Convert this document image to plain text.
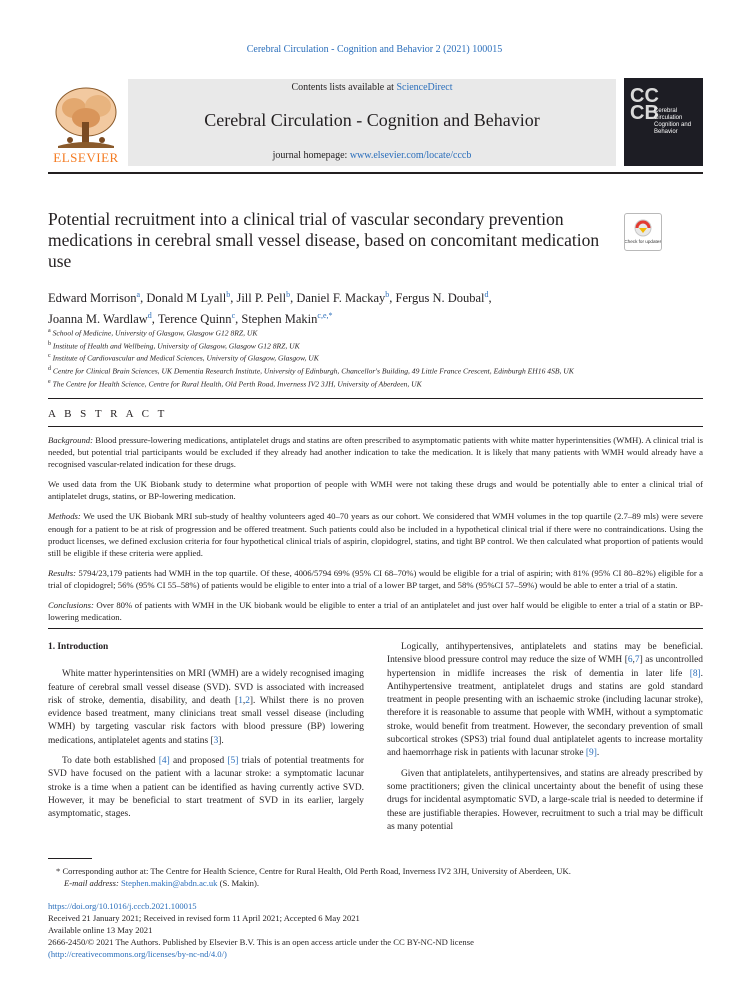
Cerebral Circulation - Cognition and Behavior 2 (2021) 100015
Contents lists available at ScienceDirect
Cerebral Circulation - Cognition and Behavior
journal homepage: www.elsevier.com/locate/cccb
ELSEVIER
CC
CB
Cerebral Circulation Cognition and Behavior
Potential recruitment into a clinical trial of vascular secondary prevention medications in cerebral small vessel disease, based on concomitant medication use
Check for updates
Edward Morrison$^a$, Donald M Lyall$^b$, Jill P. Pell$^b$, Daniel F. Mackay$^b$, Fergus N. Doubal$^d$,
Joanna M. Wardlaw$^d$, Terence Quinn$^c$, Stephen Makin$^{c,e,*}$
$^a$ School of Medicine, University of Glasgow, Glasgow G12 8RZ, UK
$^b$ Institute of Health and Wellbeing, University of Glasgow, Glasgow G12 8RZ, UK
$^c$ Institute of Cardiovascular and Medical Sciences, University of Glasgow, Glasgow, UK
$^d$ Centre for Clinical Brain Sciences, UK Dementia Research Institute, University of Edinburgh, Chancellor's Building, 49 Little France Crescent, Edinburgh EH16 4SB, UK
$^e$ The Centre for Health Science, Centre for Rural Health, Old Perth Road, Inverness IV2 3JH, University of Aberdeen, UK
A B S T R A C T

Background: Blood pressure-lowering medications, antiplatelet drugs and statins are often prescribed to asymptomatic patients with white matter hyperintensities (WMH). A clinical trial is needed, but potential trial participants would be excluded if they already had another indication to take the medication. It is likely that many patients with WMH would already have a recognised vascular-related indication for these drugs.

We used data from the UK Biobank study to determine what proportion of people with WMH were not taking these drugs and would be potentially able to enter a clinical trial of antiplatelet drugs, statins, or BP-lowering medication.

Methods: We used the UK Biobank MRI sub-study of healthy volunteers aged 40–70 years as our cohort. We considered that WMH volumes in the top quartile (2.7–89 mls) were severe enough for a patient to be at risk of progression and be offered treatment. Such patients could also be included in a hypothetical clinical trial if there were no contraindications. Using the product licenses, we defined exclusion criteria for four hypothetical clinical trials of aspirin, clopidogrel, statins, and tight BP control. We then calculated what proportion of patients would still be eligible if these criteria were applied.

Results: 5794/23,179 patients had WMH in the top quartile. Of these, 4006/5794 69% (95% CI 68–70%) would be eligible for a trial of aspirin; with 81% (95% CI 80–82%) eligible for a trial of clopidogrel; 56% (95% CI 55–58%) of patients would be eligible to enter into a trial of a lower BP target, and 58% (95%CI 57–59%) would be able to enter a trial of a statin.

Conclusions: Over 80% of patients with WMH in the UK biobank would be eligible to enter a trial of an antiplatelet and just over half would be eligible to enter a trial of a statin or BP-lowering medication.

1. Introduction

White matter hyperintensities on MRI (WMH) are a widely recognised imaging feature of cerebral small vessel disease (SVD). SVD is associated with increased risk of stroke, dementia, disability, and death [1,2]. Whilst there is no proven evidence based treatment, many clinicians treat small vessel disease (including WMH) by targeting vascular risk factors with blood pressure (BP) lowering medications, antiplatelet agents and statins [3].

To date both established [4] and proposed [5] trials of potential treatments for SVD have focused on the patient with a lacunar stroke: a symptomatic lacunar stroke is a time when a patient can be identified as having currently active SVD. However, it may be beneficial to start treatment of SVD in its earlier, largely asymptomatic, stages.

Logically, antihypertensives, antiplatelets and statins may be beneficial. Intensive blood pressure control may reduce the size of WMH [6,7] as uncontrolled hypertension in midlife increases the risk of dementia in later life [8]. Antihypertensive treatment, antiplatelet drugs and statins are gold standard treatment in people presenting with an ischaemic stroke (including lacunar stroke), therefore it is reasonable to assume that people with WMH, without a symptomatic stroke, would benefit from treatment. However, the secondary prevention of small subcortical strokes (SPS3) trial found dual antiplatelet agents to increase mortality and haemorrhage risk in patients with lacunar stroke [9].

Given that antiplatelets, antihypertensives, and statins are already prescribed by some practitioners; given the clinical uncertainty about the benefit of using these drugs for incidental asymptomatic SVD, a large-scale trial is needed to determine if these are justifiable therapies. However, recruitment to such a trial may be difficult as many potential

* Corresponding author at: The Centre for Health Science, Centre for Rural Health, Old Perth Road, Inverness IV2 3JH, University of Aberdeen, UK.
E-mail address: Stephen.makin@abdn.ac.uk (S. Makin).
https://doi.org/10.1016/j.cccb.2021.100015
Received 21 January 2021; Received in revised form 11 April 2021; Accepted 6 May 2021
Available online 13 May 2021
2666-2450/© 2021 The Authors. Published by Elsevier B.V. This is an open access article under the CC BY-NC-ND license
(http://creativecommons.org/licenses/by-nc-nd/4.0/)
